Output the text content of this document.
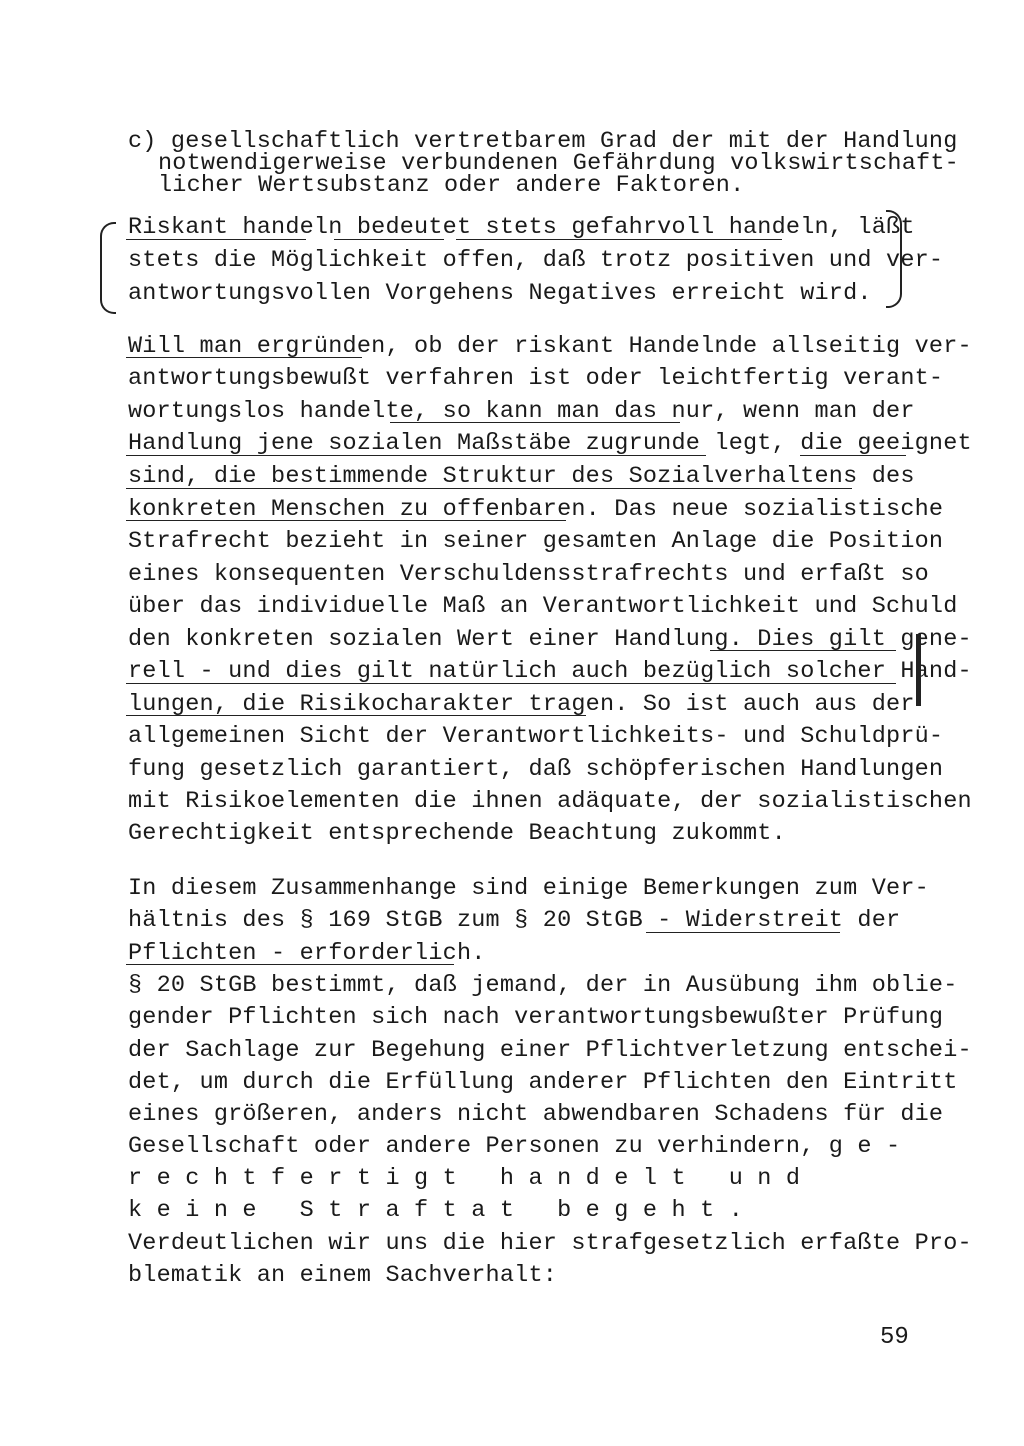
c) gesellschaftlich vertretbarem Grad der mit der Handlung
notwendigerweise verbundenen Gefährdung volkswirtschaft-
licher Wertsubstanz oder andere Faktoren.
Riskant handeln bedeutet stets gefahrvoll handeln, läßt
stets die Möglichkeit offen, daß trotz positiven und ver-
antwortungsvollen Vorgehens Negatives erreicht wird.
Will man ergründen, ob der riskant Handelnde allseitig ver-
antwortungsbewußt verfahren ist oder leichtfertig verant-
wortungslos handelte, so kann man das nur, wenn man der
Handlung jene sozialen Maßstäbe zugrunde legt, die geeignet
sind, die bestimmende Struktur des Sozialverhaltens des
konkreten Menschen zu offenbaren. Das neue sozialistische
Strafrecht bezieht in seiner gesamten Anlage die Position
eines konsequenten Verschuldensstrafrechts und erfaßt so
über das individuelle Maß an Verantwortlichkeit und Schuld
den konkreten sozialen Wert einer Handlung. Dies gilt gene-
rell - und dies gilt natürlich auch bezüglich solcher Hand-
lungen, die Risikocharakter tragen. So ist auch aus der
allgemeinen Sicht der Verantwortlichkeits- und Schuldprü-
fung gesetzlich garantiert, daß schöpferischen Handlungen
mit Risikoelementen die ihnen adäquate, der sozialistischen
Gerechtigkeit entsprechende Beachtung zukommt.
In diesem Zusammenhange sind einige Bemerkungen zum Ver-
hältnis des § 169 StGB zum § 20 StGB - Widerstreit der
Pflichten - erforderlich.
§ 20 StGB bestimmt, daß jemand, der in Ausübung ihm oblie-
gender Pflichten sich nach verantwortungsbewußter Prüfung
der Sachlage zur Begehung einer Pflichtverletzung entschei-
det, um durch die Erfüllung anderer Pflichten den Eintritt
eines größeren, anders nicht abwendbaren Schadens für die
Gesellschaft oder andere Personen zu verhindern, g e -
r e c h t f e r t i g t   h a n d e l t   u n d
k e i n e   S t r a f t a t   b e g e h t .
Verdeutlichen wir uns die hier strafgesetzlich erfaßte Pro-
blematik an einem Sachverhalt:
59
